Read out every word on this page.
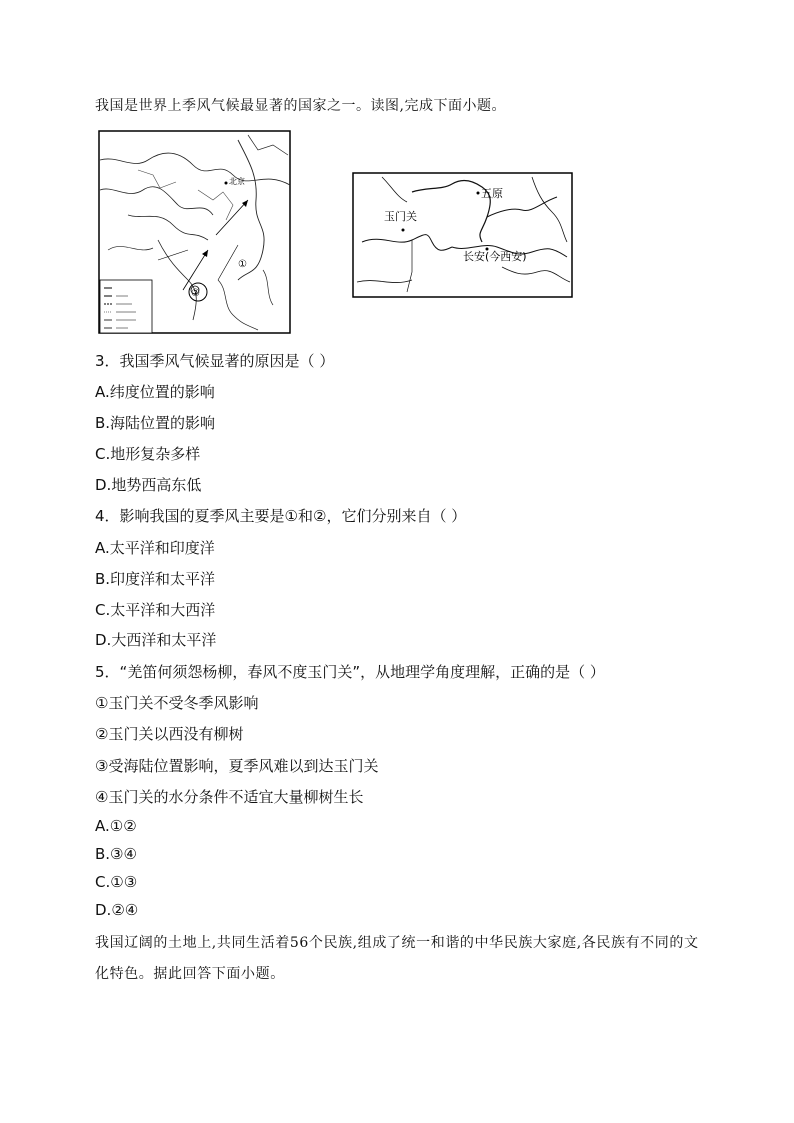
我国是世界上季风气候最显著的国家之一。读图,完成下面小题。
②
①
北京
五原
玉门关
长安(今西安)
3．我国季风气候显著的原因是（ ）
A.纬度位置的影响
B.海陆位置的影响
C.地形复杂多样
D.地势西高东低
4．影响我国的夏季风主要是①和②，它们分别来自（ ）
A.太平洋和印度洋
B.印度洋和太平洋
C.太平洋和大西洋
D.大西洋和太平洋
5．“羌笛何须怨杨柳，春风不度玉门关”，从地理学角度理解，正确的是（ ）
①玉门关不受冬季风影响
②玉门关以西没有柳树
③受海陆位置影响，夏季风难以到达玉门关
④玉门关的水分条件不适宜大量柳树生长
A.①②
B.③④
C.①③
D.②④
我国辽阔的土地上,共同生活着56个民族,组成了统一和谐的中华民族大家庭,各民族有不同的文化特色。据此回答下面小题。
